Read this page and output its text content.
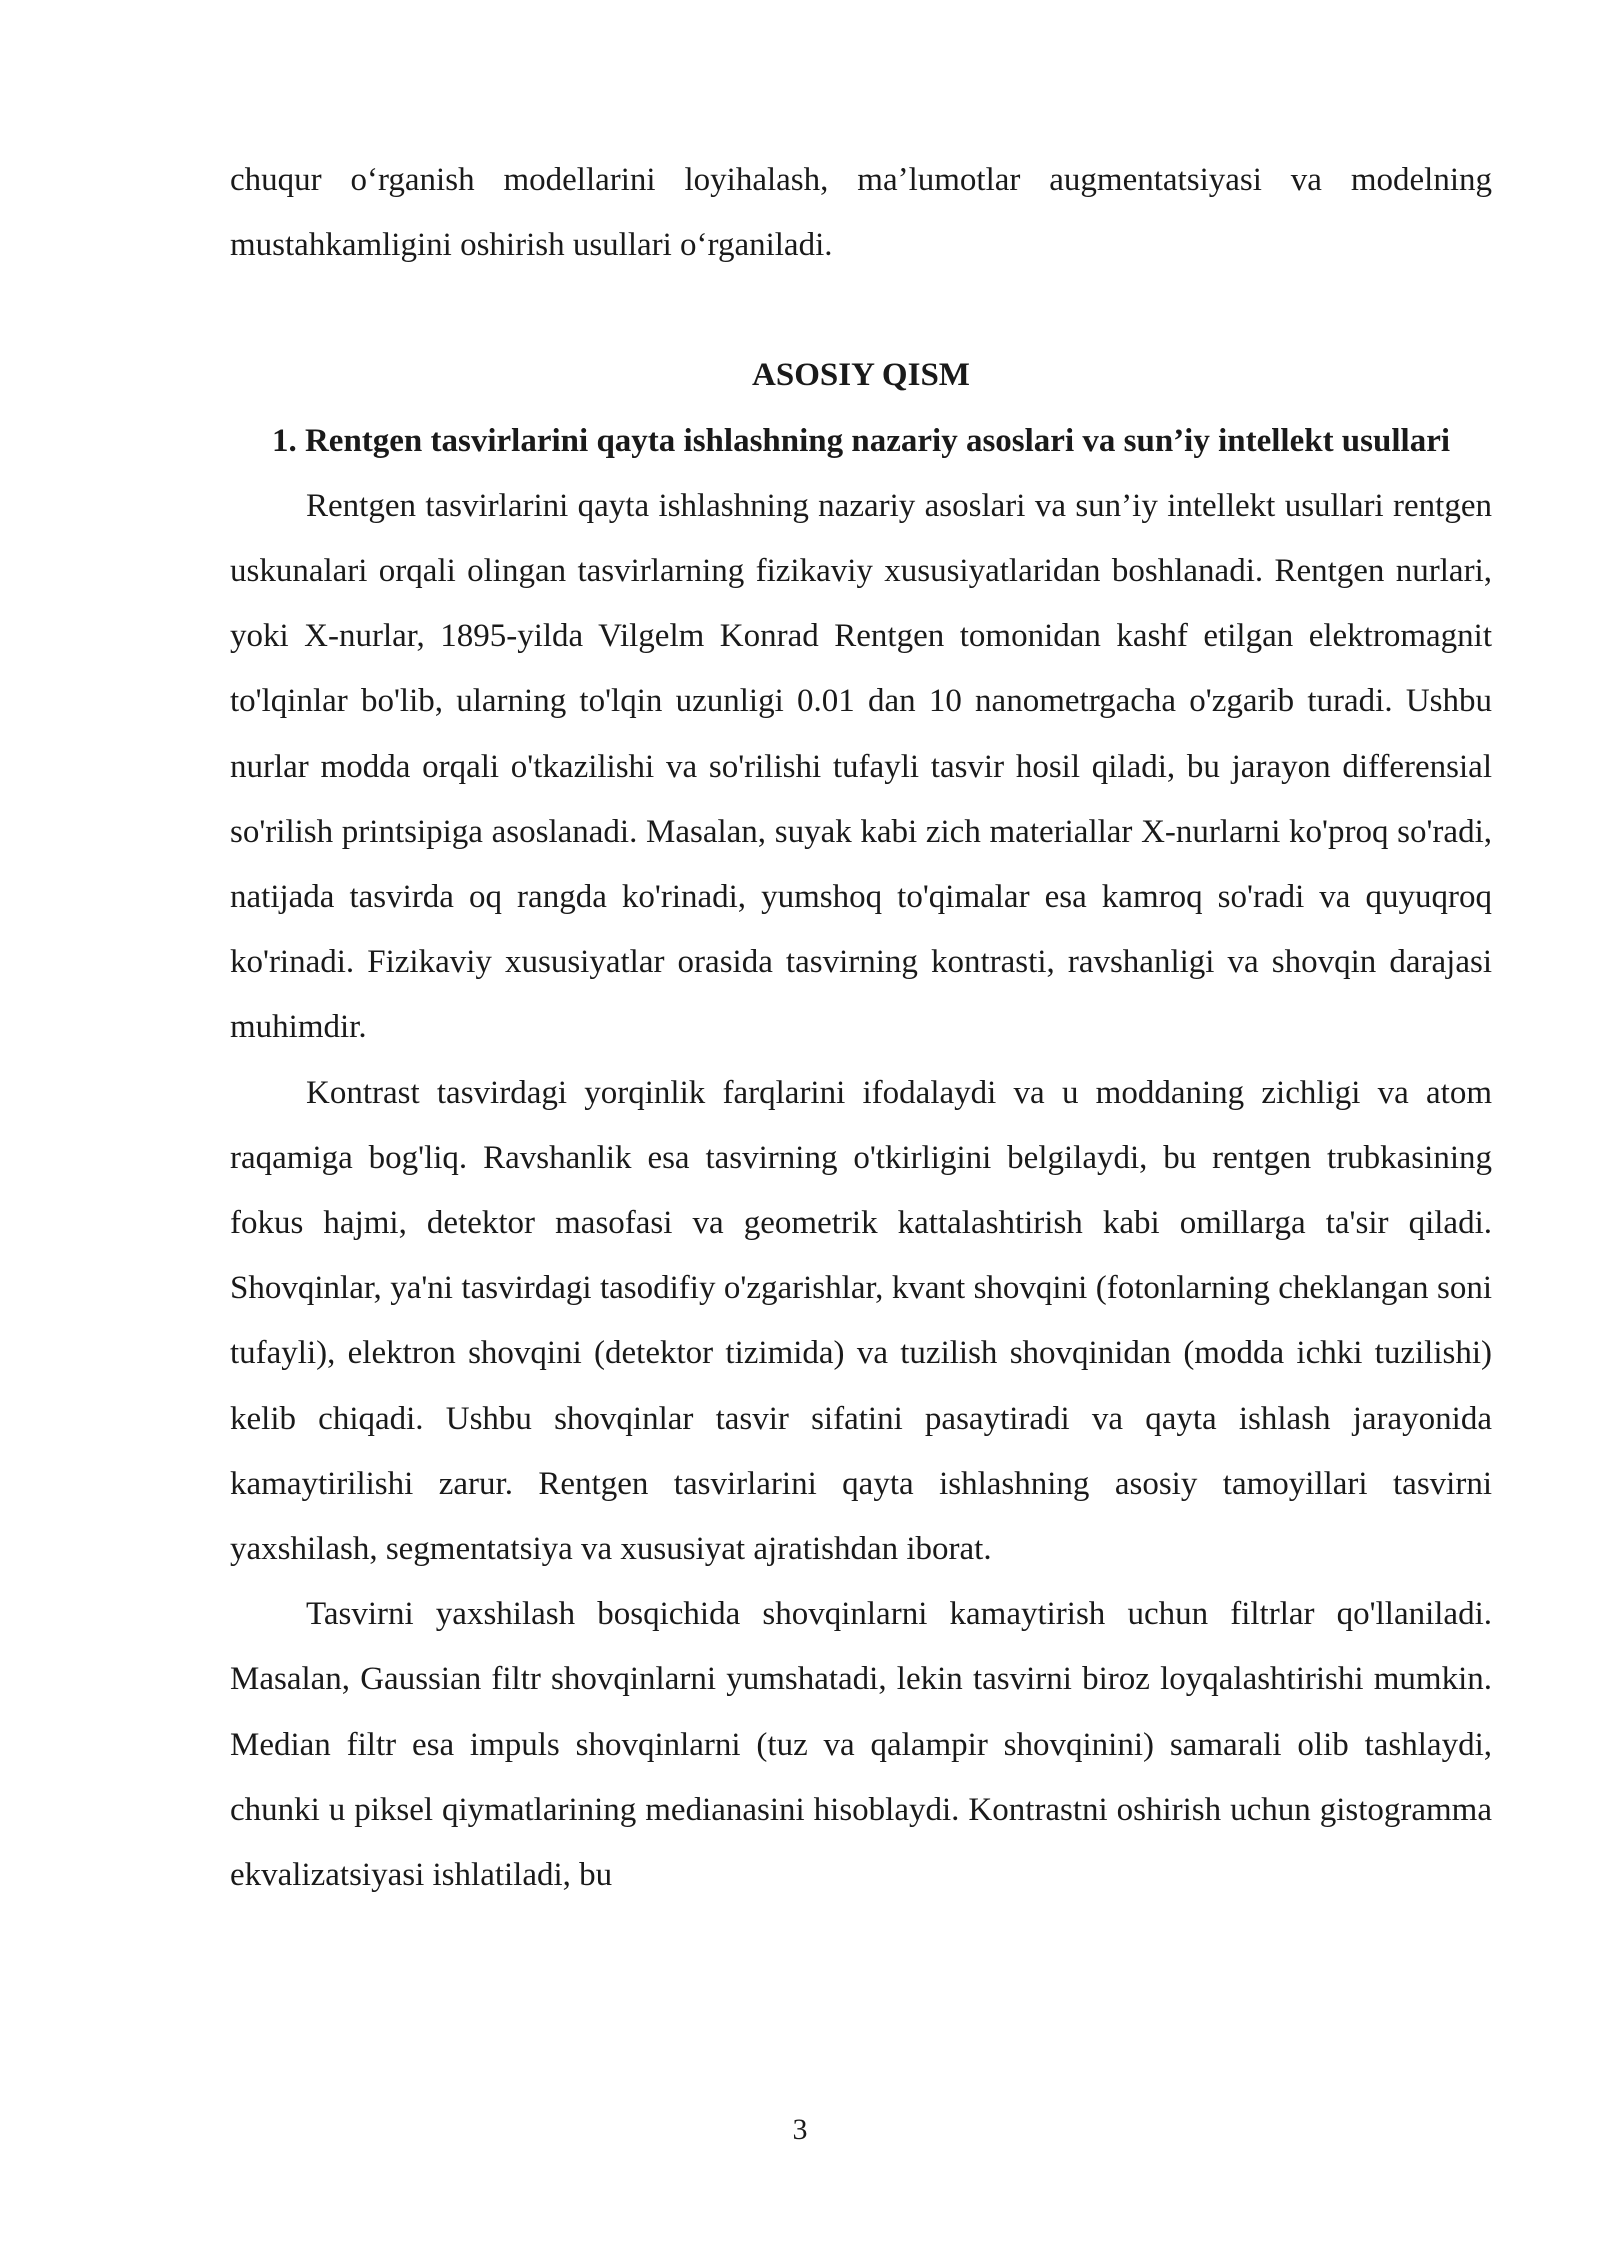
chuqur oʻrganish modellarini loyihalash, maʼlumotlar augmentatsiyasi va modelning mustahkamligini oshirish usullari oʻrganiladi.

ASOSIY QISM
1. Rentgen tasvirlarini qayta ishlashning nazariy asoslari va sun’iy intellekt usullari

Rentgen tasvirlarini qayta ishlashning nazariy asoslari va sun’iy intellekt usullari rentgen uskunalari orqali olingan tasvirlarning fizikaviy xususiyatlaridan boshlanadi. Rentgen nurlari, yoki X-nurlar, 1895-yilda Vilgelm Konrad Rentgen tomonidan kashf etilgan elektromagnit to'lqinlar bo'lib, ularning to'lqin uzunligi 0.01 dan 10 nanometrgacha o'zgarib turadi. Ushbu nurlar modda orqali o'tkazilishi va so'rilishi tufayli tasvir hosil qiladi, bu jarayon differensial so'rilish printsipiga asoslanadi. Masalan, suyak kabi zich materiallar X-nurlarni ko'proq so'radi, natijada tasvirda oq rangda ko'rinadi, yumshoq to'qimalar esa kamroq so'radi va quyuqroq ko'rinadi. Fizikaviy xususiyatlar orasida tasvirning kontrasti, ravshanligi va shovqin darajasi muhimdir.

Kontrast tasvirdagi yorqinlik farqlarini ifodalaydi va u moddaning zichligi va atom raqamiga bog'liq. Ravshanlik esa tasvirning o'tkirligini belgilaydi, bu rentgen trubkasining fokus hajmi, detektor masofasi va geometrik kattalashtirish kabi omillarga ta'sir qiladi. Shovqinlar, ya'ni tasvirdagi tasodifiy o'zgarishlar, kvant shovqini (fotonlarning cheklangan soni tufayli), elektron shovqini (detektor tizimida) va tuzilish shovqinidan (modda ichki tuzilishi) kelib chiqadi. Ushbu shovqinlar tasvir sifatini pasaytiradi va qayta ishlash jarayonida kamaytirilishi zarur. Rentgen tasvirlarini qayta ishlashning asosiy tamoyillari tasvirni yaxshilash, segmentatsiya va xususiyat ajratishdan iborat.

Tasvirni yaxshilash bosqichida shovqinlarni kamaytirish uchun filtrlar qo'llaniladi. Masalan, Gaussian filtr shovqinlarni yumshatadi, lekin tasvirni biroz loyqalashtirishi mumkin. Median filtr esa impuls shovqinlarni (tuz va qalampir shovqinini) samarali olib tashlaydi, chunki u piksel qiymatlarining medianasini hisoblaydi. Kontrastni oshirish uchun gistogramma ekvalizatsiyasi ishlatiladi, bu

3
